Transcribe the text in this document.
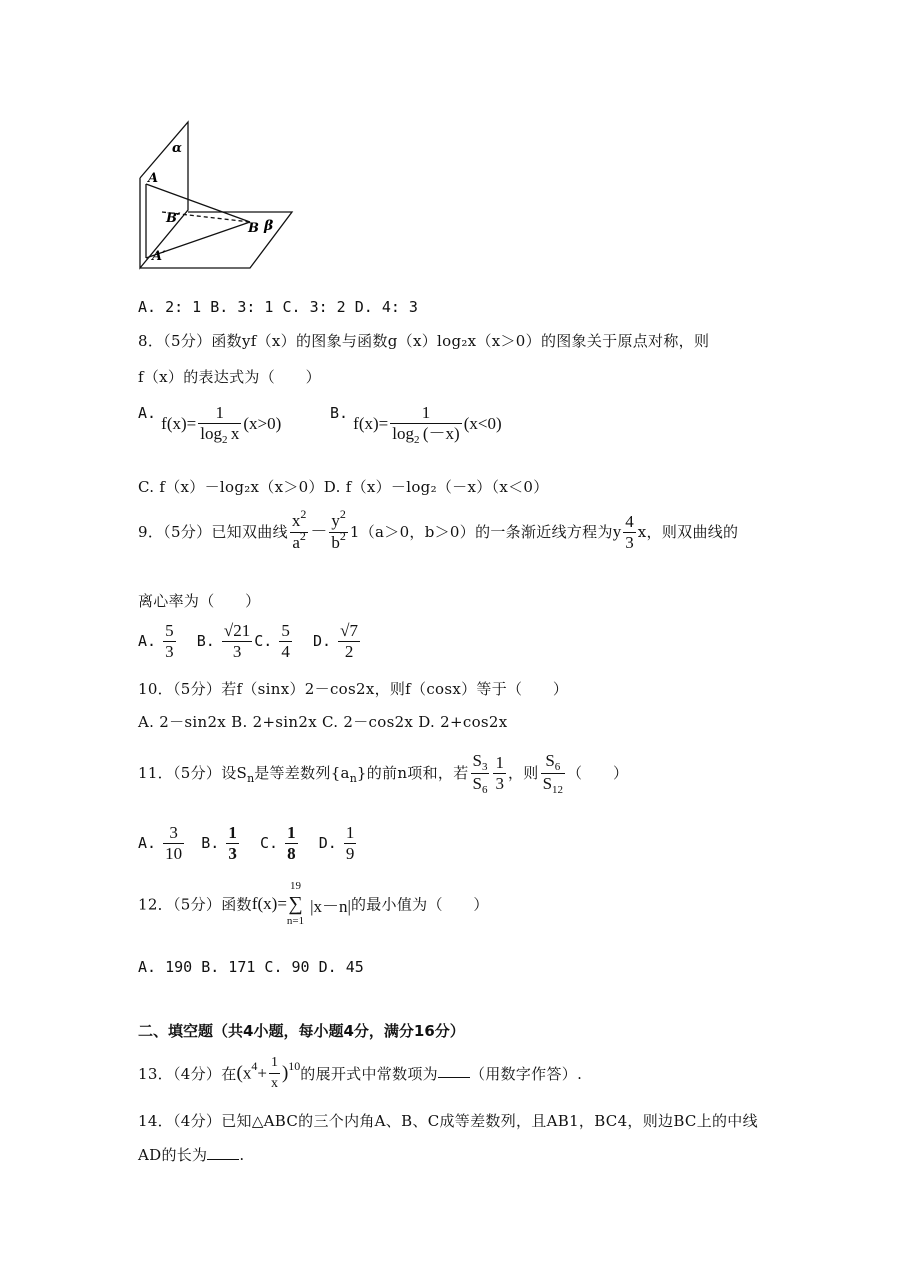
α
A
B′
B β
A′
A. 2: 1 B. 3: 1 C. 3: 2 D. 4: 3
8．（5分）函数yf（x）的图象与函数g（x）log₂x（x＞0）的图象关于原点对称，则
f（x）的表达式为（　　）
A. $f(x)= \frac{1}{\log_2 x} (x>0)$
B. $f(x)= \frac{1}{\log_2 (-x)} (x<0)$
C. f（x）－log₂x（x＞0）D. f（x）－log₂（－x）（x＜0）
9．（5分）已知双曲线 $\frac{x^2}{a^2} - \frac{y^2}{b^2} 1(a>0$，b＞0）的一条渐近线方程为y $\frac{4}{3}$ x，则双曲线的
离心率为（　　）
A. $\frac{5}{3} B$. $\frac{√21}{3} C$. $\frac{5}{4} D$. $\frac{√7}{2}$
10．（5分）若f（sinx）2－cos2x，则f（cosx）等于（　　）
A. 2－sin2x B. 2+sin2x C. 2－cos2x D. 2+cos2x
11．（5分）设$S_n$是等差数列$\{a_n\}$的前n项和，若 $\frac{S_3}{S_6} \frac{1}{3}$ ，则 $\frac{S_6}{S_{12}}$ （　　）
A. $\frac{3}{10} B$. $\frac{1}{3} C$. $\frac{1}{8} D$. $\frac{1}{9}$
12．（5分）函数f(x)=
19
∑
n=1
|x－n|的最小值为（　　）
A. 190 B. 171 C. 90 D. 45
二、填空题（共4小题，每小题4分，满分16分）
13．（4分）在$(x^4+ \frac{1}{x} )^{10}$的展开式中常数项为 （用数字作答）.
14．（4分）已知△ABC的三个内角A、B、C成等差数列，且AB1，BC4，则边BC上的中线
AD的长为 .
